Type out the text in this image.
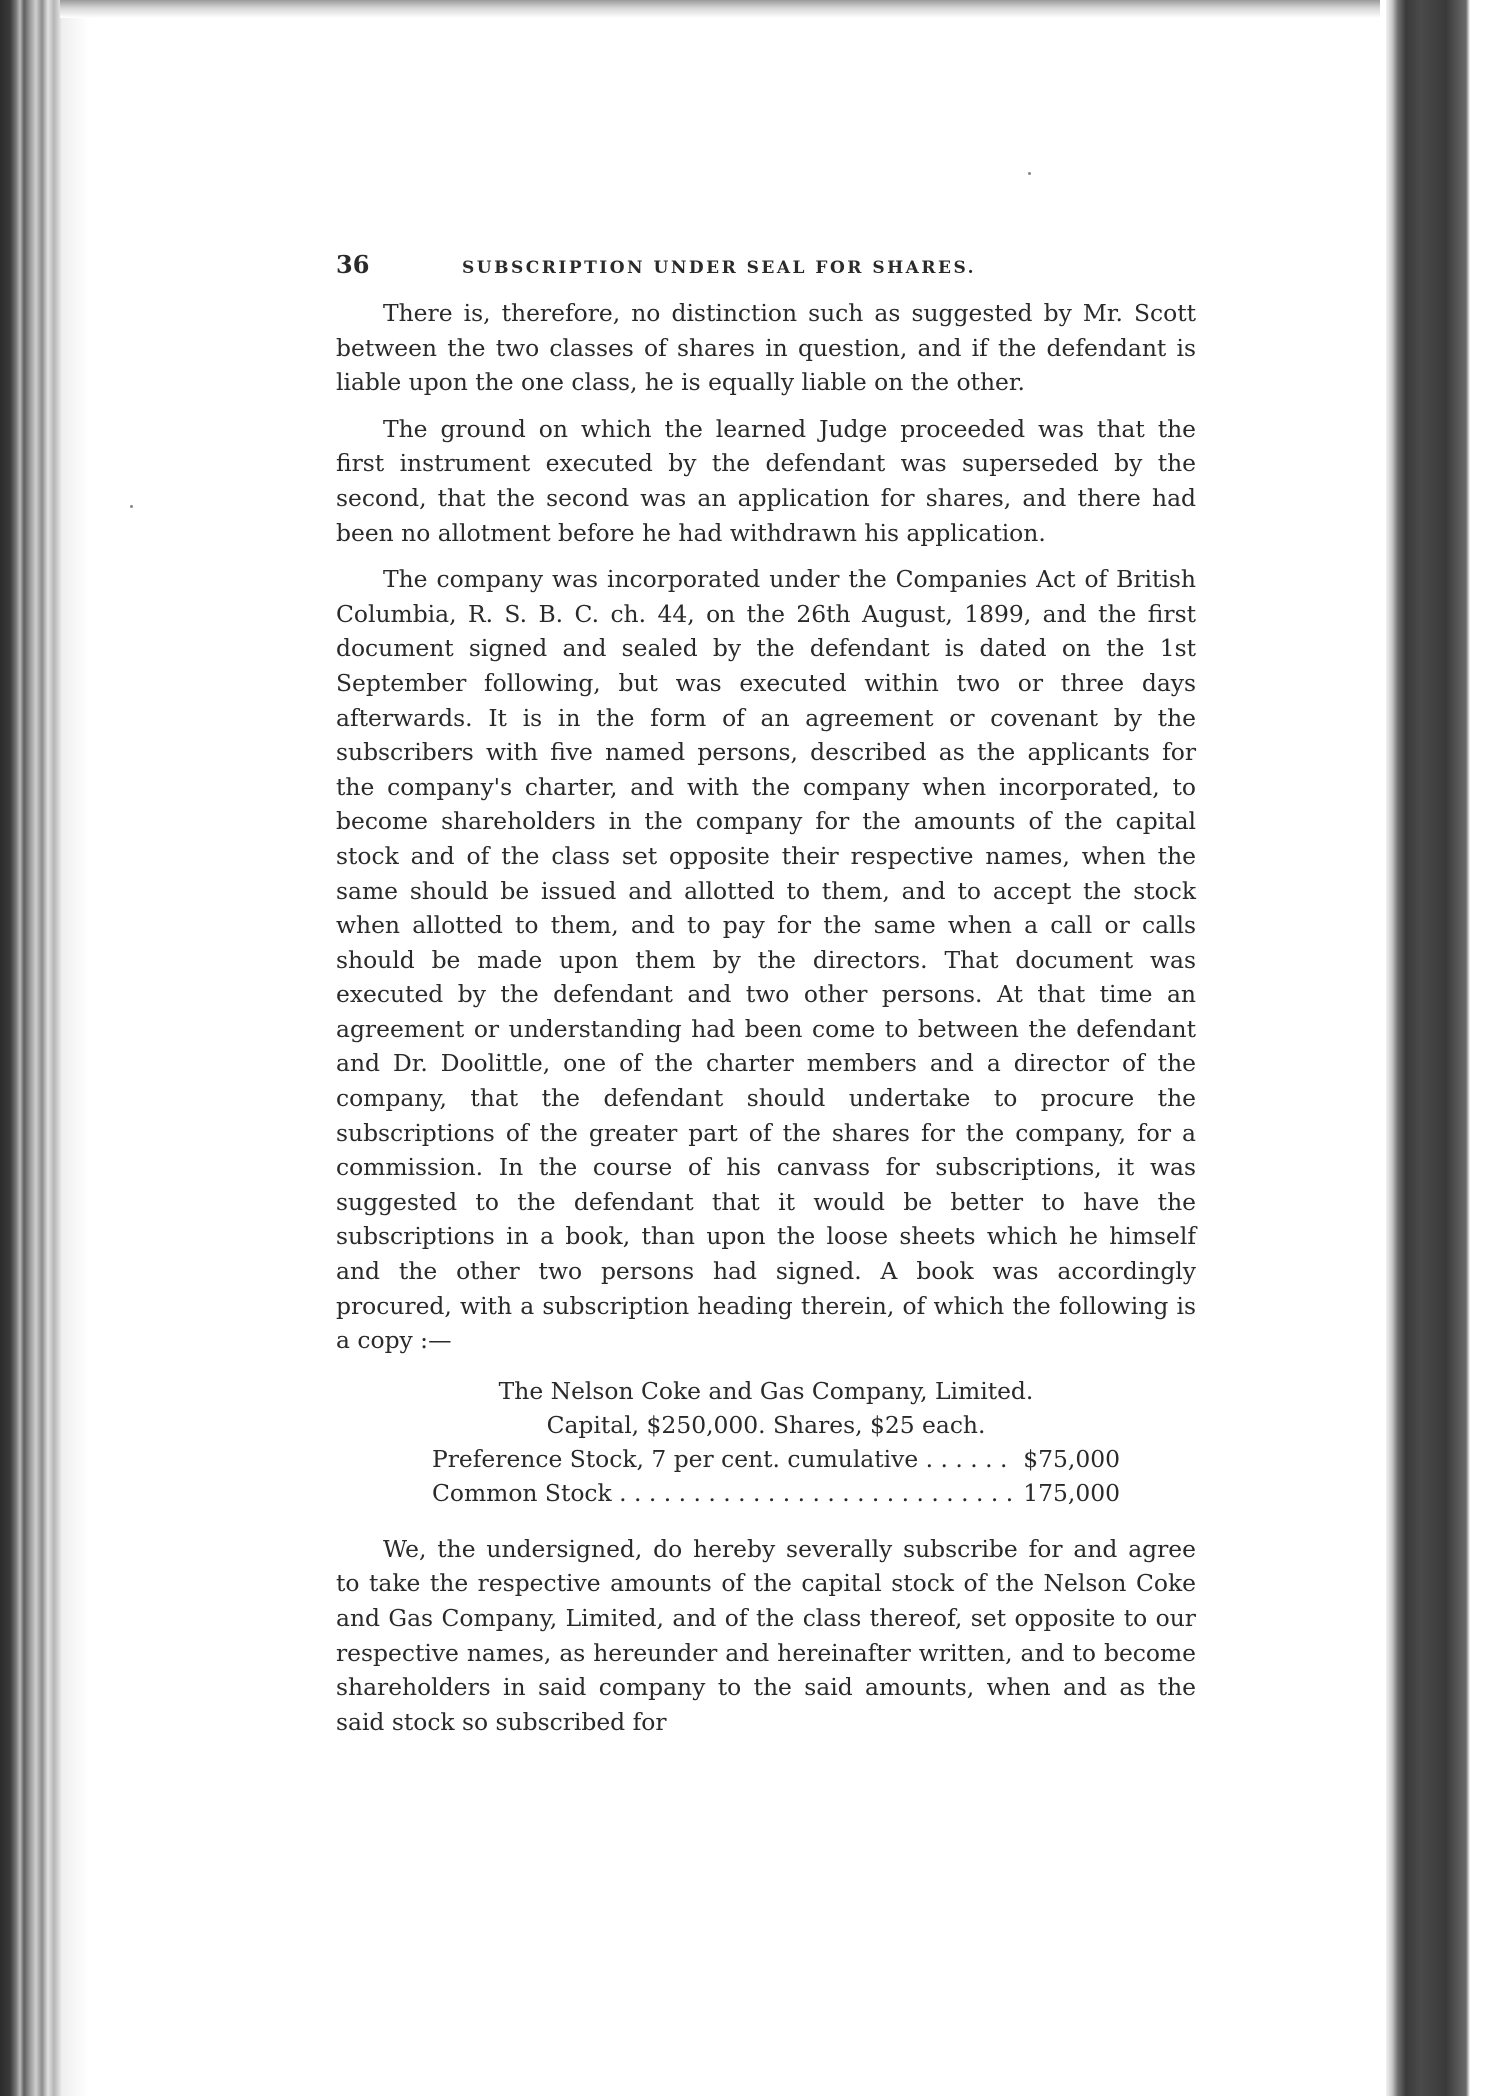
36	SUBSCRIPTION UNDER SEAL FOR SHARES.

There is, therefore, no distinction such as suggested by Mr. Scott between the two classes of shares in question, and if the defendant is liable upon the one class, he is equally liable on the other.

The ground on which the learned Judge proceeded was that the first instrument executed by the defendant was superseded by the second, that the second was an application for shares, and there had been no allotment before he had withdrawn his application.

The company was incorporated under the Companies Act of British Columbia, R. S. B. C. ch. 44, on the 26th August, 1899, and the first document signed and sealed by the defendant is dated on the 1st September following, but was executed within two or three days afterwards. It is in the form of an agreement or covenant by the subscribers with five named persons, described as the applicants for the company's charter, and with the company when incorporated, to become shareholders in the company for the amounts of the capital stock and of the class set opposite their respective names, when the same should be issued and allotted to them, and to accept the stock when allotted to them, and to pay for the same when a call or calls should be made upon them by the directors. That document was executed by the defendant and two other persons. At that time an agreement or understanding had been come to between the defendant and Dr. Doolittle, one of the charter members and a director of the company, that the defendant should undertake to procure the subscriptions of the greater part of the shares for the company, for a commission. In the course of his canvass for subscriptions, it was suggested to the defendant that it would be better to have the subscriptions in a book, than upon the loose sheets which he himself and the other two persons had signed. A book was accordingly procured, with a subscription heading therein, of which the following is a copy :—

The Nelson Coke and Gas Company, Limited.
Capital, $250,000. Shares, $25 each.
Preference Stock, 7 per cent. cumulative . . .	$75,000
Common Stock . . .	175,000

We, the undersigned, do hereby severally subscribe for and agree to take the respective amounts of the capital stock of the Nelson Coke and Gas Company, Limited, and of the class thereof, set opposite to our respective names, as hereunder and hereinafter written, and to become shareholders in said company to the said amounts, when and as the said stock so subscribed for
